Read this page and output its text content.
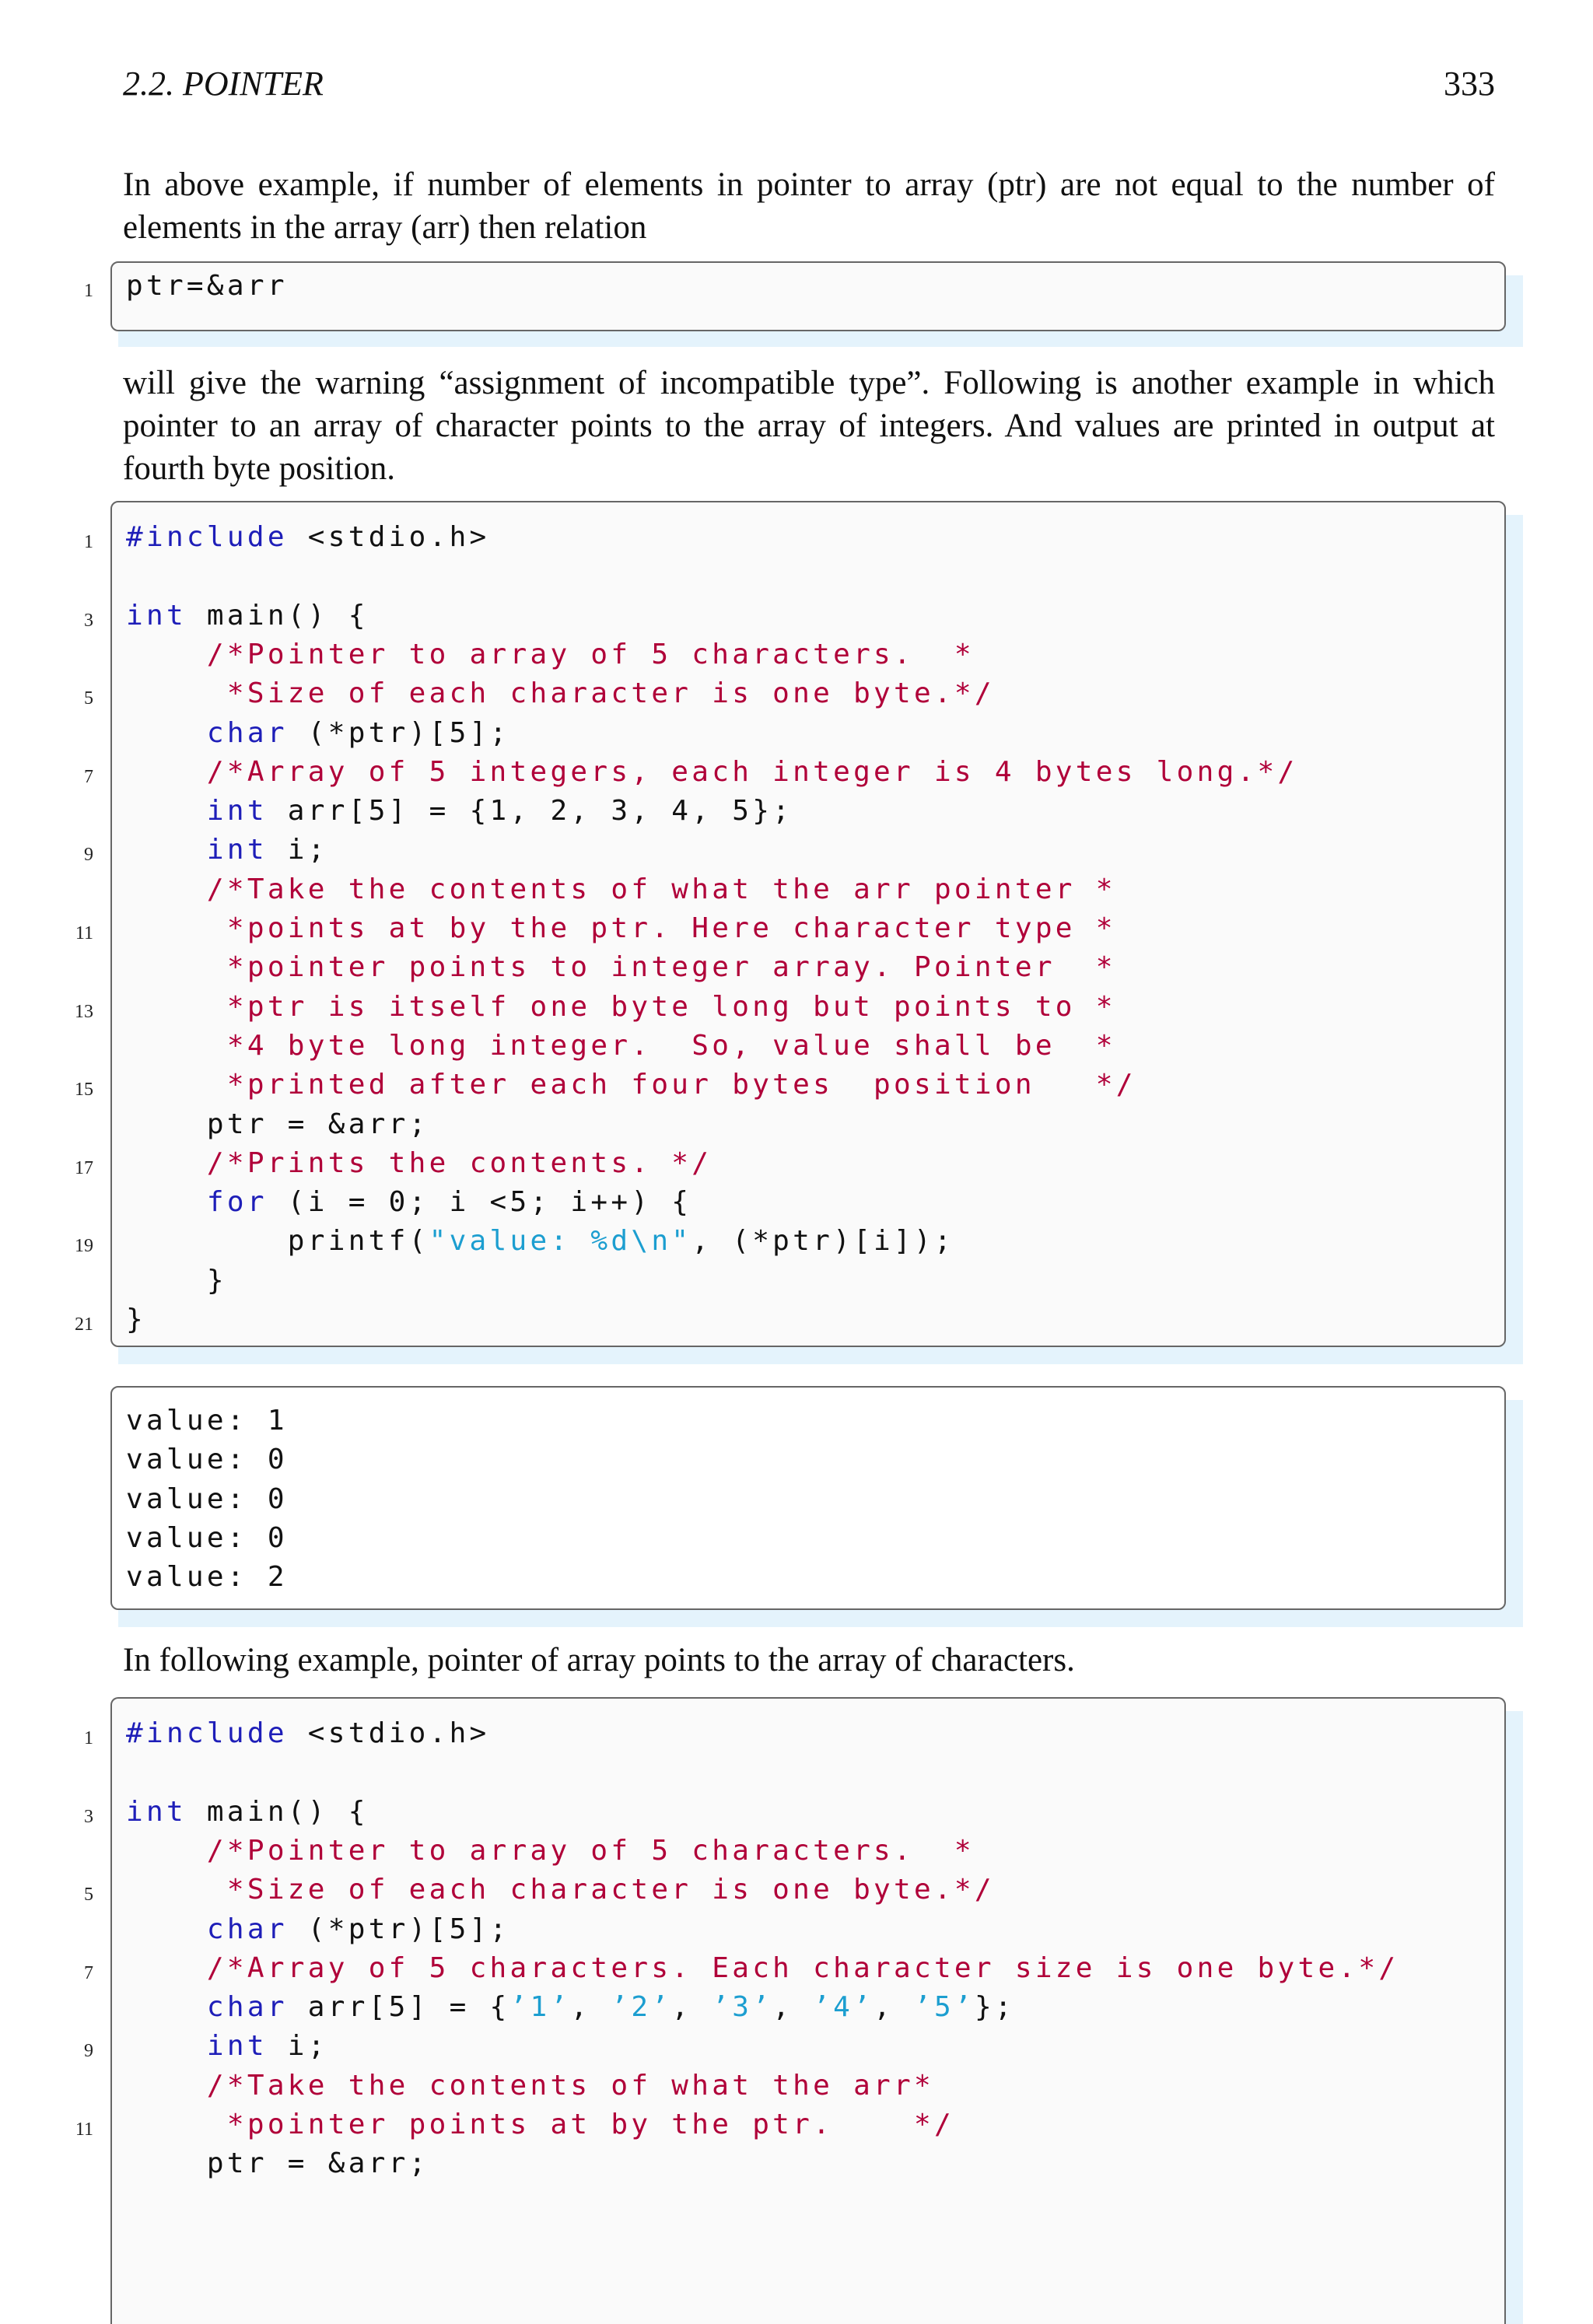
2.2. POINTER	333

In above example, if number of elements in pointer to array (ptr) are not equal to the number of elements in the array (arr) then relation

1 ptr=&arr

will give the warning “assignment of incompatible type”. Following is another example in which pointer to an array of character points to the array of integers. And values are printed in output at fourth byte position.

1 #include <stdio.h>
3 int main() {
/*Pointer to array of 5 characters.  *
5	*Size of each character is one byte.*/
char (*ptr)[5];
7	/*Array of 5 integers, each integer is 4 bytes long.*/
int arr[5] = {1, 2, 3, 4, 5};
9	int i;
/*Take the contents of what the arr pointer *
11	*points at by the ptr. Here character type *
*pointer points to integer array. Pointer  *
13	*ptr is itself one byte long but points to *
*4 byte long integer.  So, value shall be  *
15	*printed after each four bytes  position   */
ptr = &arr;
17	/*Prints the contents. */
for (i = 0; i <5; i++) {
19 printf("value: %d\n", (*ptr)[i]);
}
21 }
value: 1
value: 0
value: 0
value: 0
value: 2

In following example, pointer of array points to the array of characters.

1 #include <stdio.h>
3 int main() {
/*Pointer to array of 5 characters.  *
5	*Size of each character is one byte.*/
char (*ptr)[5];
7	/*Array of 5 characters. Each character size is one byte.*/
char arr[5] = {’1’, ’2’, ’3’, ’4’, ’5’};
9	int i;
/*Take the contents of what the arr*
11	*pointer points at by the ptr.    */
ptr = &arr;
